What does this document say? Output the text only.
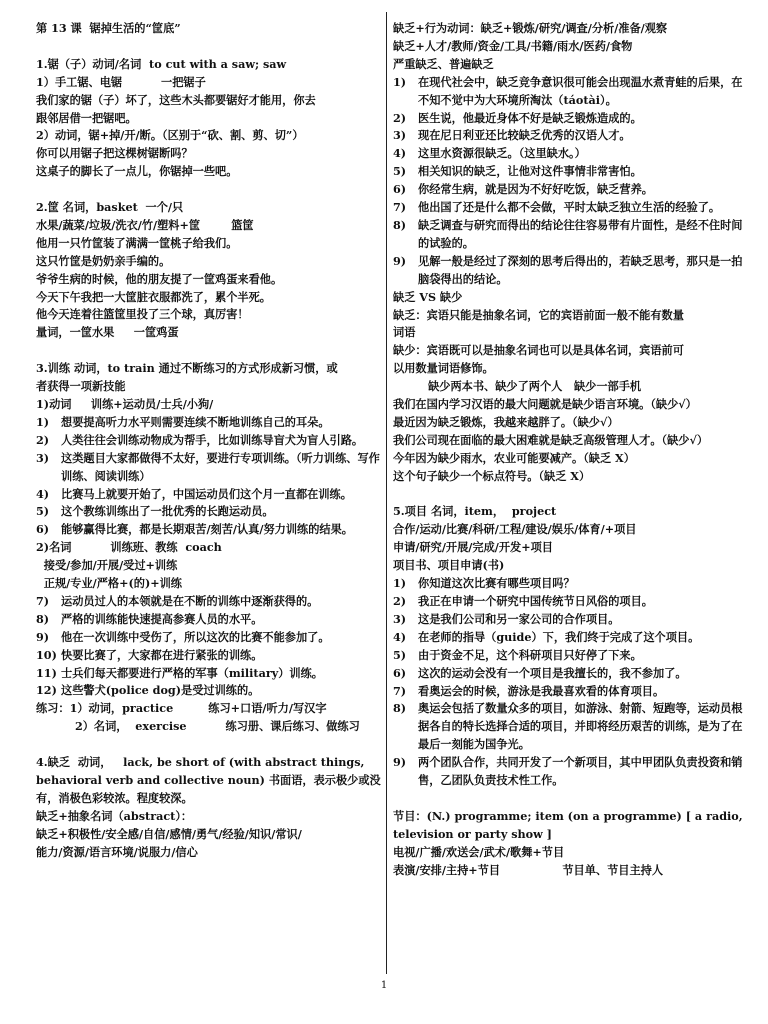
第 13 课  锯掉生活的“筐底”
1.锯（子）动词/名词  to cut with a saw; saw
1）手工锯、电锯          一把锯子
我们家的锯（子）坏了，这些木头都要锯好才能用，你去
跟邻居借一把锯吧。
2）动词，锯+掉/开/断。（区别于“砍、割、剪、切”）
你可以用锯子把这棵树锯断吗？
这桌子的脚长了一点儿，你锯掉一些吧。
2.筐 名词，basket  一个/只
水果/蔬菜/垃圾/洗衣/竹/塑料+筐        篮筐
他用一只竹筐装了满满一筐桃子给我们。
这只竹筐是奶奶亲手编的。
爷爷生病的时候，他的朋友提了一筐鸡蛋来看他。
今天下午我把一大筐脏衣服都洗了，累个半死。
他今天连着往篮筐里投了三个球，真厉害！
量词，一筐水果     一筐鸡蛋
3.训练 动词，to train 通过不断练习的方式形成新习惯，或
者获得一项新技能
1)动词     训练+运动员/士兵/小狗/
1)	想要提高听力水平则需要连续不断地训练自己的耳朵。
2)	人类往往会训练动物成为帮手，比如训练导盲犬为盲人引路。
3)	这类题目大家都做得不太好，要进行专项训练。（听力训练、写作训练、阅读训练）
4)	比赛马上就要开始了，中国运动员们这个月一直都在训练。
5)	这个教练训练出了一批优秀的长跑运动员。
6)	能够赢得比赛，都是长期艰苦/刻苦/认真/努力训练的结果。
2)名词          训练班、教练  coach
接受/参加/开展/受过+训练
正规/专业/严格+(的)+训练
7)	运动员过人的本领就是在不断的训练中逐渐获得的。
8)	严格的训练能快速提高参赛人员的水平。
9)	他在一次训练中受伤了，所以这次的比赛不能参加了。
10) 快要比赛了，大家都在进行紧张的训练。
11) 士兵们每天都要进行严格的军事（military）训练。
12) 这些警犬(police dog)是受过训练的。
练习：1）动词，practice         练习+口语/听力/写汉字
2）名词，  exercise          练习册、课后练习、做练习
4.缺乏  动词，   lack, be short of (with abstract things,
behavioral verb and collective noun) 书面语，表示极少或没
有，消极色彩较浓。程度较深。
缺乏+抽象名词（abstract）：
缺乏+积极性/安全感/自信/感情/勇气/经验/知识/常识/
能力/资源/语言环境/说服力/信心
缺乏+行为动词：缺乏+锻炼/研究/调查/分析/准备/观察
缺乏+人才/教师/资金/工具/书籍/雨水/医药/食物
严重缺乏、普遍缺乏
1)	在现代社会中，缺乏竞争意识很可能会出现温水煮青蛙的后果，在不知不觉中为大环境所淘汰（táotài）。
2)	医生说，他最近身体不好是缺乏锻炼造成的。
3)	现在尼日利亚还比较缺乏优秀的汉语人才。
4)	这里水资源很缺乏。（这里缺水。）
5)	相关知识的缺乏，让他对这件事情非常害怕。
6)	你经常生病，就是因为不好好吃饭，缺乏营养。
7)	他出国了还是什么都不会做，平时太缺乏独立生活的经验了。
8)	缺乏调查与研究而得出的结论往往容易带有片面性，是经不住时间的试验的。
9)	见解一般是经过了深刻的思考后得出的，若缺乏思考，那只是一拍脑袋得出的结论。
缺乏 VS 缺少
缺乏：宾语只能是抽象名词，它的宾语前面一般不能有数量
词语
缺少：宾语既可以是抽象名词也可以是具体名词，宾语前可
以用数量词语修饰。
缺少两本书、缺少了两个人   缺少一部手机
我们在国内学习汉语的最大问题就是缺少语言环境。（缺少√）
最近因为缺乏锻炼，我越来越胖了。（缺少√）
我们公司现在面临的最大困难就是缺乏高级管理人才。（缺少√）
今年因为缺少雨水，农业可能要减产。（缺乏 X）
这个句子缺少一个标点符号。（缺乏 X）
5.项目 名词，item，  project
合作/运动/比赛/科研/工程/建设/娱乐/体育/+项目
申请/研究/开展/完成/开发+项目
项目书、项目申请(书)
1)	你知道这次比赛有哪些项目吗？
2)	我正在申请一个研究中国传统节日风俗的项目。
3)	这是我们公司和另一家公司的合作项目。
4)	在老师的指导（guide）下，我们终于完成了这个项目。
5)	由于资金不足，这个科研项目只好停了下来。
6)	这次的运动会没有一个项目是我擅长的，我不参加了。
7)	看奥运会的时候，游泳是我最喜欢看的体育项目。
8)	奥运会包括了数量众多的项目，如游泳、射箭、短跑等，运动员根据各自的特长选择合适的项目，并即将经历艰苦的训练，是为了在最后一刻能为国争光。
9)	两个团队合作，共同开发了一个新项目，其中甲团队负责投资和销售，乙团队负责技术性工作。
节目：(N.) programme; item (on a programme) [ a radio,
television or party show ]
电视/广播/欢送会/武术/歌舞+节目
表演/安排/主持+节目                节目单、节目主持人
1
